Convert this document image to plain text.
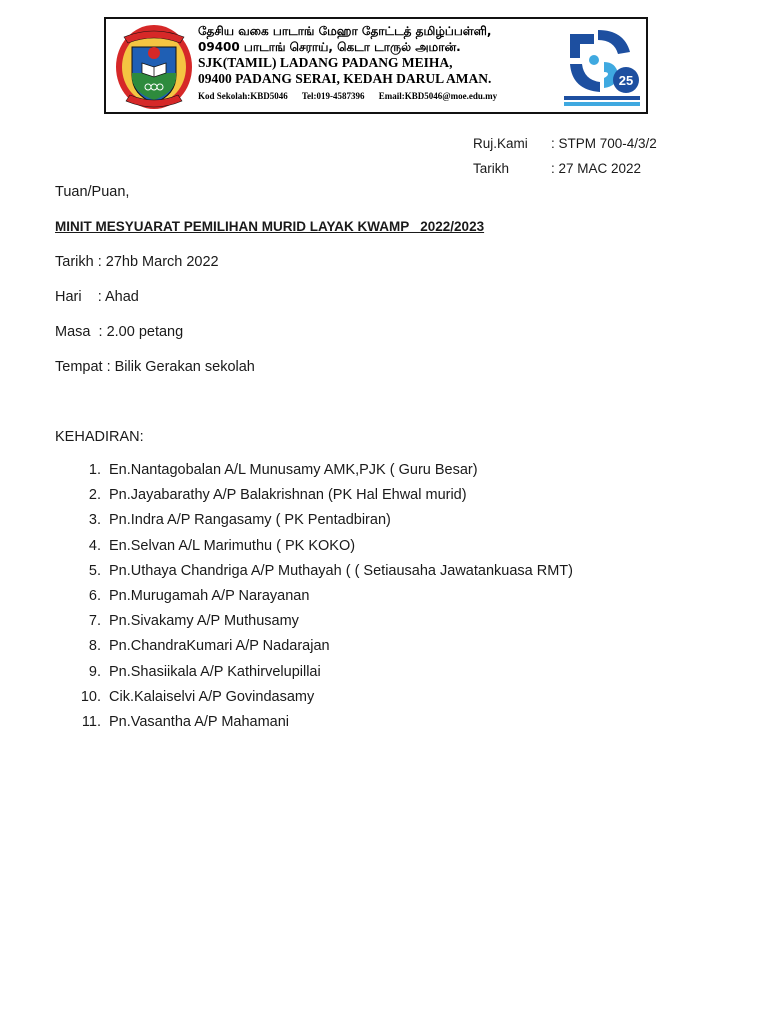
தேசிய வகை பாடாங் மேஹா தோட்டத் தமிழ்ப்பள்ளி,
09400 பாடாங் செராய், கெடா டாருல் அமான்.
SJK(TAMIL) LADANG PADANG MEIHA,
09400 PADANG SERAI, KEDAH DARUL AMAN.
Kod Sekolah:KBD5046 Tel:019-4587396 Email:KBD5046@moe.edu.my
25
Ruj.Kami	: STPM 700-4/3/2
Tarikh	: 27 MAC 2022
Tuan/Puan,
MINIT MESYUARAT PEMILIHAN MURID LAYAK KWAMP   2022/2023
Tarikh : 27hb March 2022
Hari    : Ahad
Masa  : 2.00 petang
Tempat : Bilik Gerakan sekolah
KEHADIRAN:
1. En.Nantagobalan A/L Munusamy AMK,PJK ( Guru Besar)
2. Pn.Jayabarathy A/P Balakrishnan (PK Hal Ehwal murid)
3. Pn.Indra A/P Rangasamy ( PK Pentadbiran)
4. En.Selvan A/L Marimuthu ( PK KOKO)
5. Pn.Uthaya Chandriga A/P Muthayah ( ( Setiausaha Jawatankuasa RMT)
6. Pn.Murugamah A/P Narayanan
7. Pn.Sivakamy A/P Muthusamy
8. Pn.ChandraKumari A/P Nadarajan
9. Pn.Shasiikala A/P Kathirvelupillai
10. Cik.Kalaiselvi A/P Govindasamy
11. Pn.Vasantha A/P Mahamani
